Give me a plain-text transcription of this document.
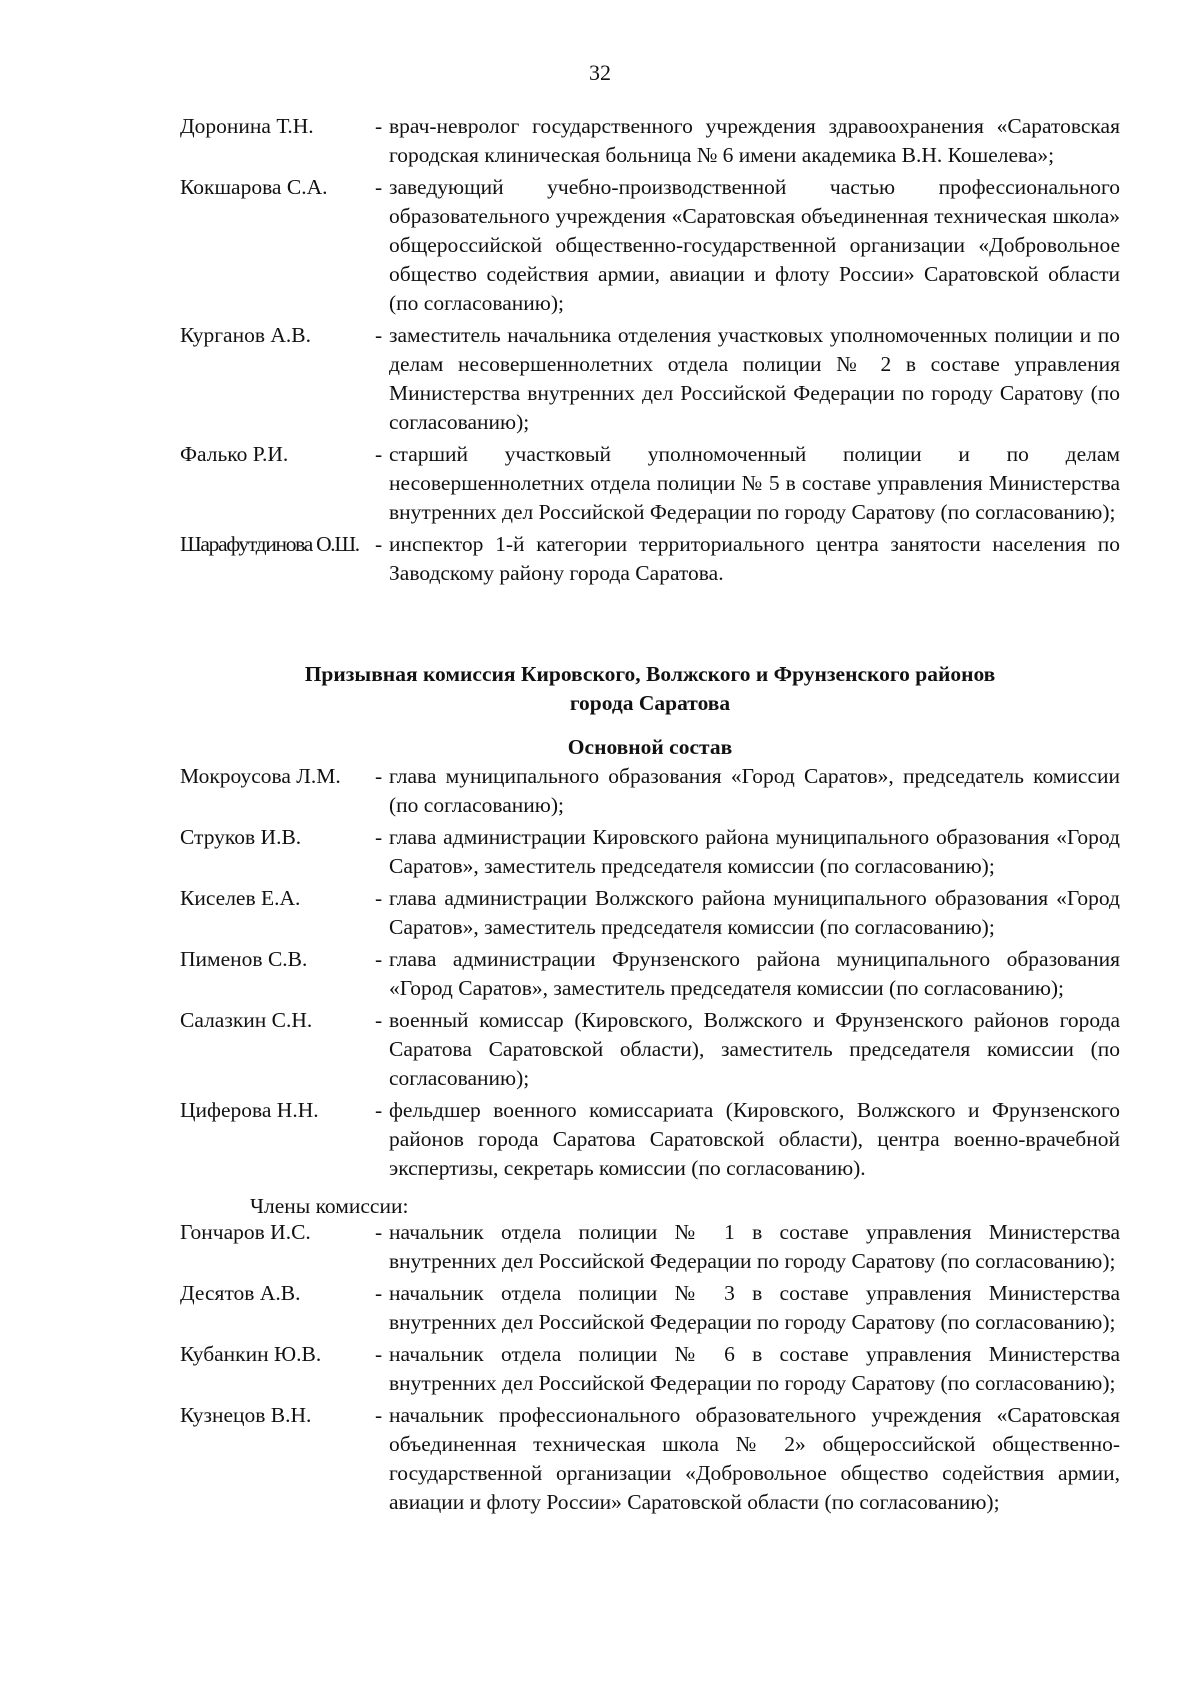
32
Доронина Т.Н.	- врач-невролог государственного учреждения здравоохранения «Саратовская городская клиническая больница № 6 имени академика В.Н. Кошелева»;
Кокшарова С.А.	- заведующий учебно-производственной частью профессионального образовательного учреждения «Саратовская объединенная техническая школа» общероссийской общественно-государственной организации «Добровольное общество содействия армии, авиации и флоту России» Саратовской области (по согласованию);
Курганов А.В.	- заместитель начальника отделения участковых уполномоченных полиции и по делам несовершеннолетних отдела полиции № 2 в составе управления Министерства внутренних дел Российской Федерации по городу Саратову (по согласованию);
Фалько Р.И.	- старший участковый уполномоченный полиции и по делам несовершеннолетних отдела полиции № 5 в составе управления Министерства внутренних дел Российской Федерации по городу Саратову (по согласованию);
Шарафутдинова О.Ш. - инспектор 1-й категории территориального центра занятости населения по Заводскому району города Саратова.

Призывная комиссия Кировского, Волжского и Фрунзенского районов

города Саратова

Основной состав

Мокроусова Л.М.	- глава муниципального образования «Город Саратов», председатель комиссии (по согласованию);
Струков И.В.	- глава администрации Кировского района муниципального образования «Город Саратов», заместитель председателя комиссии (по согласованию);
Киселев Е.А.	- глава администрации Волжского района муниципального образования «Город Саратов», заместитель председателя комиссии (по согласованию);
Пименов С.В.	- глава администрации Фрунзенского района муниципального образования «Город Саратов», заместитель председателя комиссии (по согласованию);
Салазкин С.Н.	- военный комиссар (Кировского, Волжского и Фрунзенского районов города Саратова Саратовской области), заместитель председателя комиссии (по согласованию);
Циферова Н.Н.	- фельдшер военного комиссариата (Кировского, Волжского и Фрунзенского районов города Саратова Саратовской области), центра военно-врачебной экспертизы, секретарь комиссии (по согласованию).
Члены комиссии:
Гончаров И.С.	- начальник отдела полиции № 1 в составе управления Министерства внутренних дел Российской Федерации по городу Саратову (по согласованию);
Десятов А.В.	- начальник отдела полиции № 3 в составе управления Министерства внутренних дел Российской Федерации по городу Саратову (по согласованию);
Кубанкин Ю.В.	- начальник отдела полиции № 6 в составе управления Министерства внутренних дел Российской Федерации по городу Саратову (по согласованию);
Кузнецов В.Н.	- начальник профессионального образовательного учреждения «Саратовская объединенная техническая школа № 2» общероссийской общественно-государственной организации «Добровольное общество содействия армии, авиации и флоту России» Саратовской области (по согласованию);
